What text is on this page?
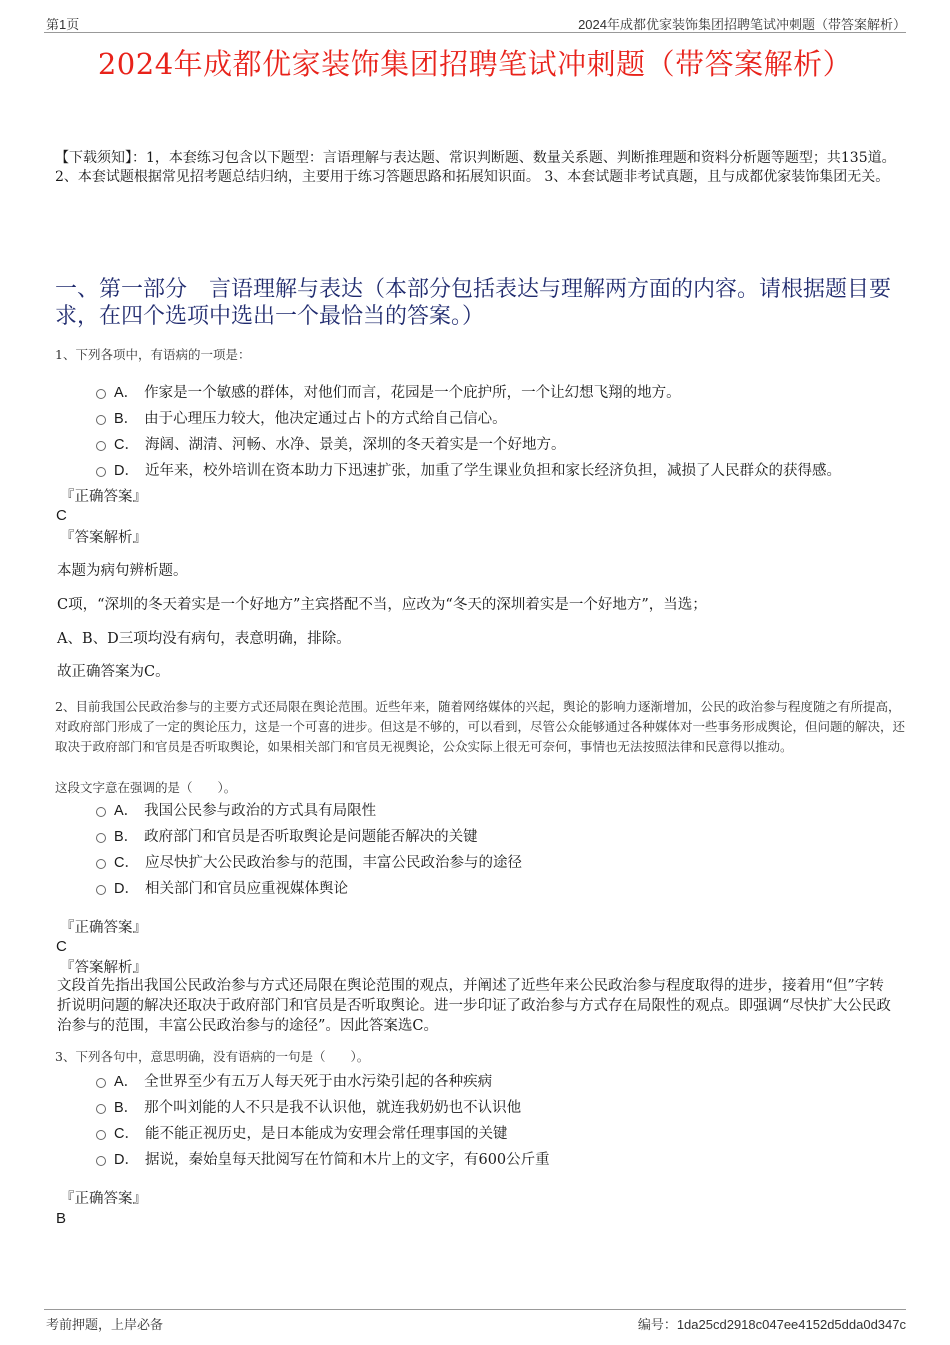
第1页	2024年成都优家装饰集团招聘笔试冲刺题（带答案解析）
2024年成都优家装饰集团招聘笔试冲刺题（带答案解析）
【下载须知】：1，本套练习包含以下题型：言语理解与表达题、常识判断题、数量关系题、判断推理题和资料分析题等题型；共135道。 2、本套试题根据常见招考题总结归纳，主要用于练习答题思路和拓展知识面。 3、本套试题非考试真题，且与成都优家装饰集团无关。
一、第一部分　言语理解与表达（本部分包括表达与理解两方面的内容。请根据题目要求，在四个选项中选出一个最恰当的答案。）
1、下列各项中，有语病的一项是：
A． 作家是一个敏感的群体，对他们而言，花园是一个庇护所，一个让幻想飞翔的地方。
B． 由于心理压力较大，他决定通过占卜的方式给自己信心。
C． 海阔、湖清、河畅、水净、景美，深圳的冬天着实是一个好地方。
D． 近年来，校外培训在资本助力下迅速扩张，加重了学生课业负担和家长经济负担，减损了人民群众的获得感。
『正确答案』
C
『答案解析』
本题为病句辨析题。
C项，“深圳的冬天着实是一个好地方”主宾搭配不当，应改为“冬天的深圳着实是一个好地方”，当选；
A、B、D三项均没有病句，表意明确，排除。
故正确答案为C。
2、目前我国公民政治参与的主要方式还局限在舆论范围。近些年来，随着网络媒体的兴起，舆论的影响力逐渐增加，公民的政治参与程度随之有所提高，对政府部门形成了一定的舆论压力，这是一个可喜的进步。但这是不够的，可以看到，尽管公众能够通过各种媒体对一些事务形成舆论，但问题的解决，还取决于政府部门和官员是否听取舆论，如果相关部门和官员无视舆论，公众实际上很无可奈何，事情也无法按照法律和民意得以推动。
这段文字意在强调的是（　　）。
A． 我国公民参与政治的方式具有局限性
B． 政府部门和官员是否听取舆论是问题能否解决的关键
C． 应尽快扩大公民政治参与的范围，丰富公民政治参与的途径
D． 相关部门和官员应重视媒体舆论
『正确答案』
C
『答案解析』
文段首先指出我国公民政治参与方式还局限在舆论范围的观点，并阐述了近些年来公民政治参与程度取得的进步，接着用“但”字转折说明问题的解决还取决于政府部门和官员是否听取舆论。进一步印证了政治参与方式存在局限性的观点。即强调“尽快扩大公民政治参与的范围，丰富公民政治参与的途径”。因此答案选C。
3、下列各句中，意思明确，没有语病的一句是（　　）。
A． 全世界至少有五万人每天死于由水污染引起的各种疾病
B． 那个叫刘能的人不只是我不认识他，就连我奶奶也不认识他
C． 能不能正视历史，是日本能成为安理会常任理事国的关键
D． 据说，秦始皇每天批阅写在竹简和木片上的文字，有600公斤重
『正确答案』
B
考前押题，上岸必备	编号：1da25cd2918c047ee4152d5dda0d347c
